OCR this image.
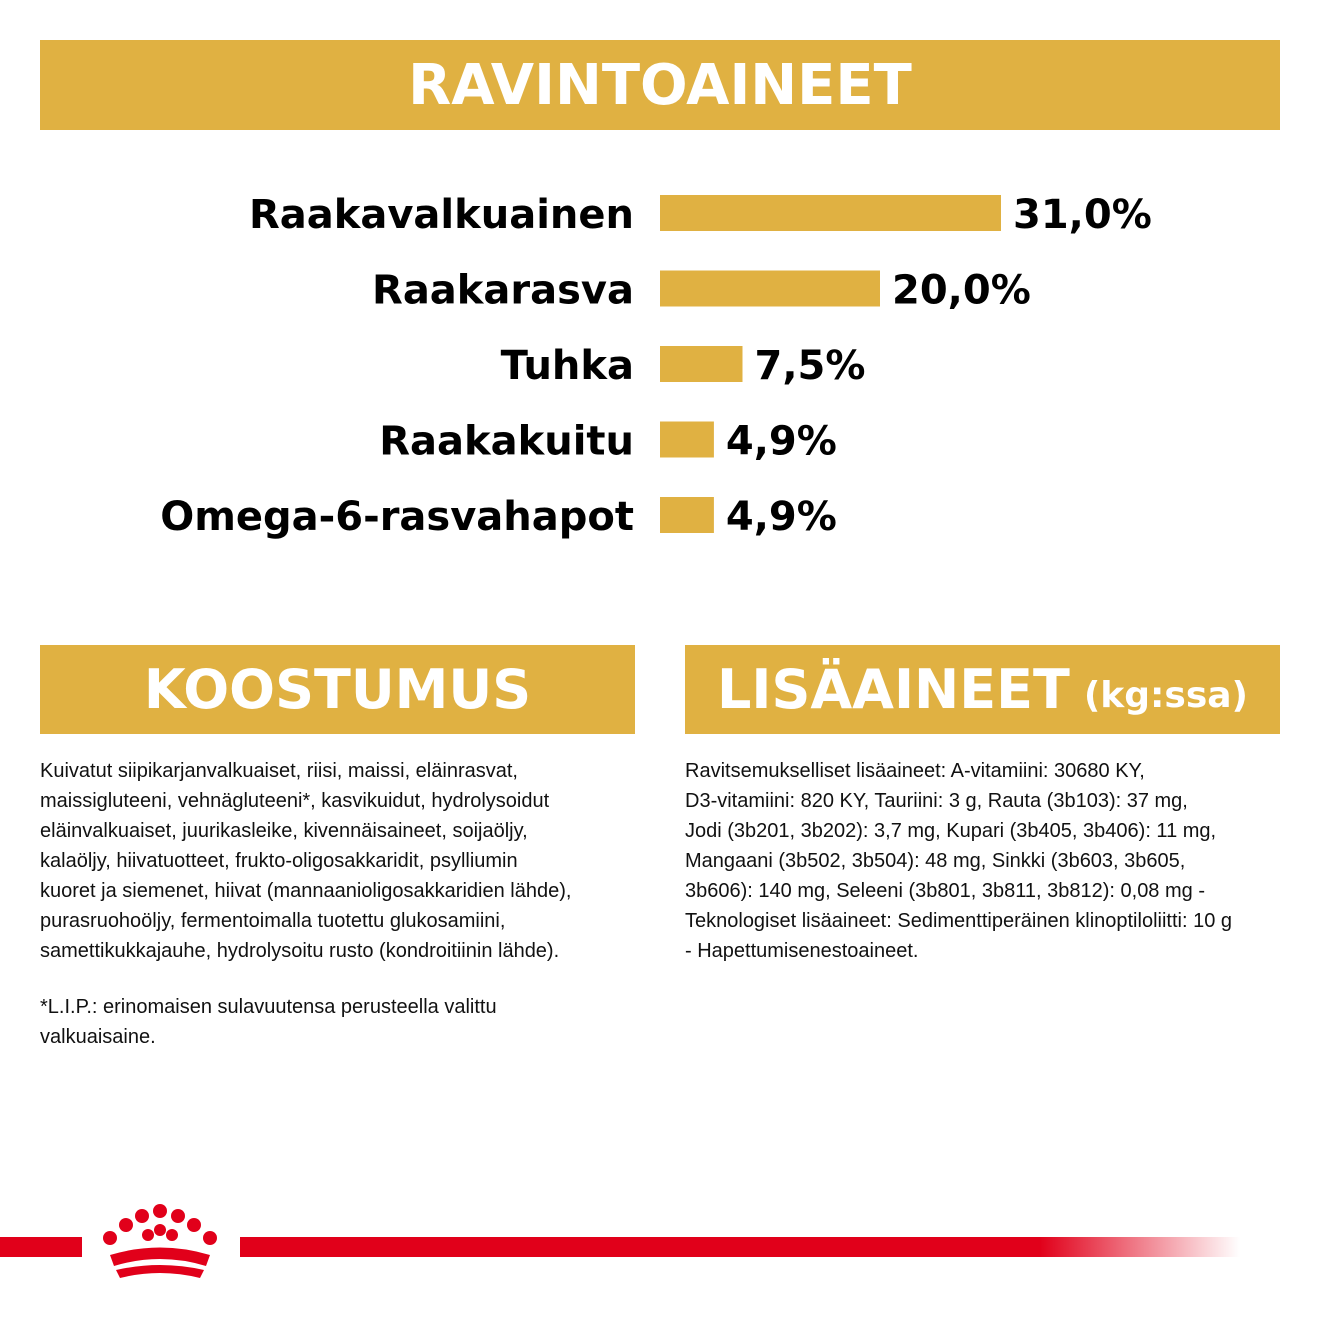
RAVINTOAINEET
Raakavalkuainen	31,0%
Raakarasva	20,0%
Tuhka	7,5%
Raakakuitu 4,9%
Omega-6-rasvahapot 4,9%
KOOSTUMUS	LISÄAINEET (kg:ssa)
Kuivatut siipikarjanvalkuaiset, riisi, maissi, eläinrasvat,
maissigluteeni, vehnägluteeni*, kasvikuidut, hydrolysoidut
eläinvalkuaiset, juurikasleike, kivennäisaineet, soijaöljy,
kalaöljy, hiivatuotteet, frukto-oligosakkaridit, psylliumin
kuoret ja siemenet, hiivat (mannaanioligosakkaridien lähde),
purasruohoöljy, fermentoimalla tuotettu glukosamiini,
samettikukkajauhe, hydrolysoitu rusto (kondroitiinin lähde).
*L.I.P.: erinomaisen sulavuutensa perusteella valittu
valkuaisaine.
Ravitsemukselliset lisäaineet: A-vitamiini: 30680 KY,
D3-vitamiini: 820 KY, Tauriini: 3 g, Rauta (3b103): 37 mg,
Jodi (3b201, 3b202): 3,7 mg, Kupari (3b405, 3b406): 11 mg,
Mangaani (3b502, 3b504): 48 mg, Sinkki (3b603, 3b605,
3b606): 140 mg, Seleeni (3b801, 3b811, 3b812): 0,08 mg -
Teknologiset lisäaineet: Sedimenttiperäinen klinoptiloliitti: 10 g
- Hapettumisenestoaineet.
